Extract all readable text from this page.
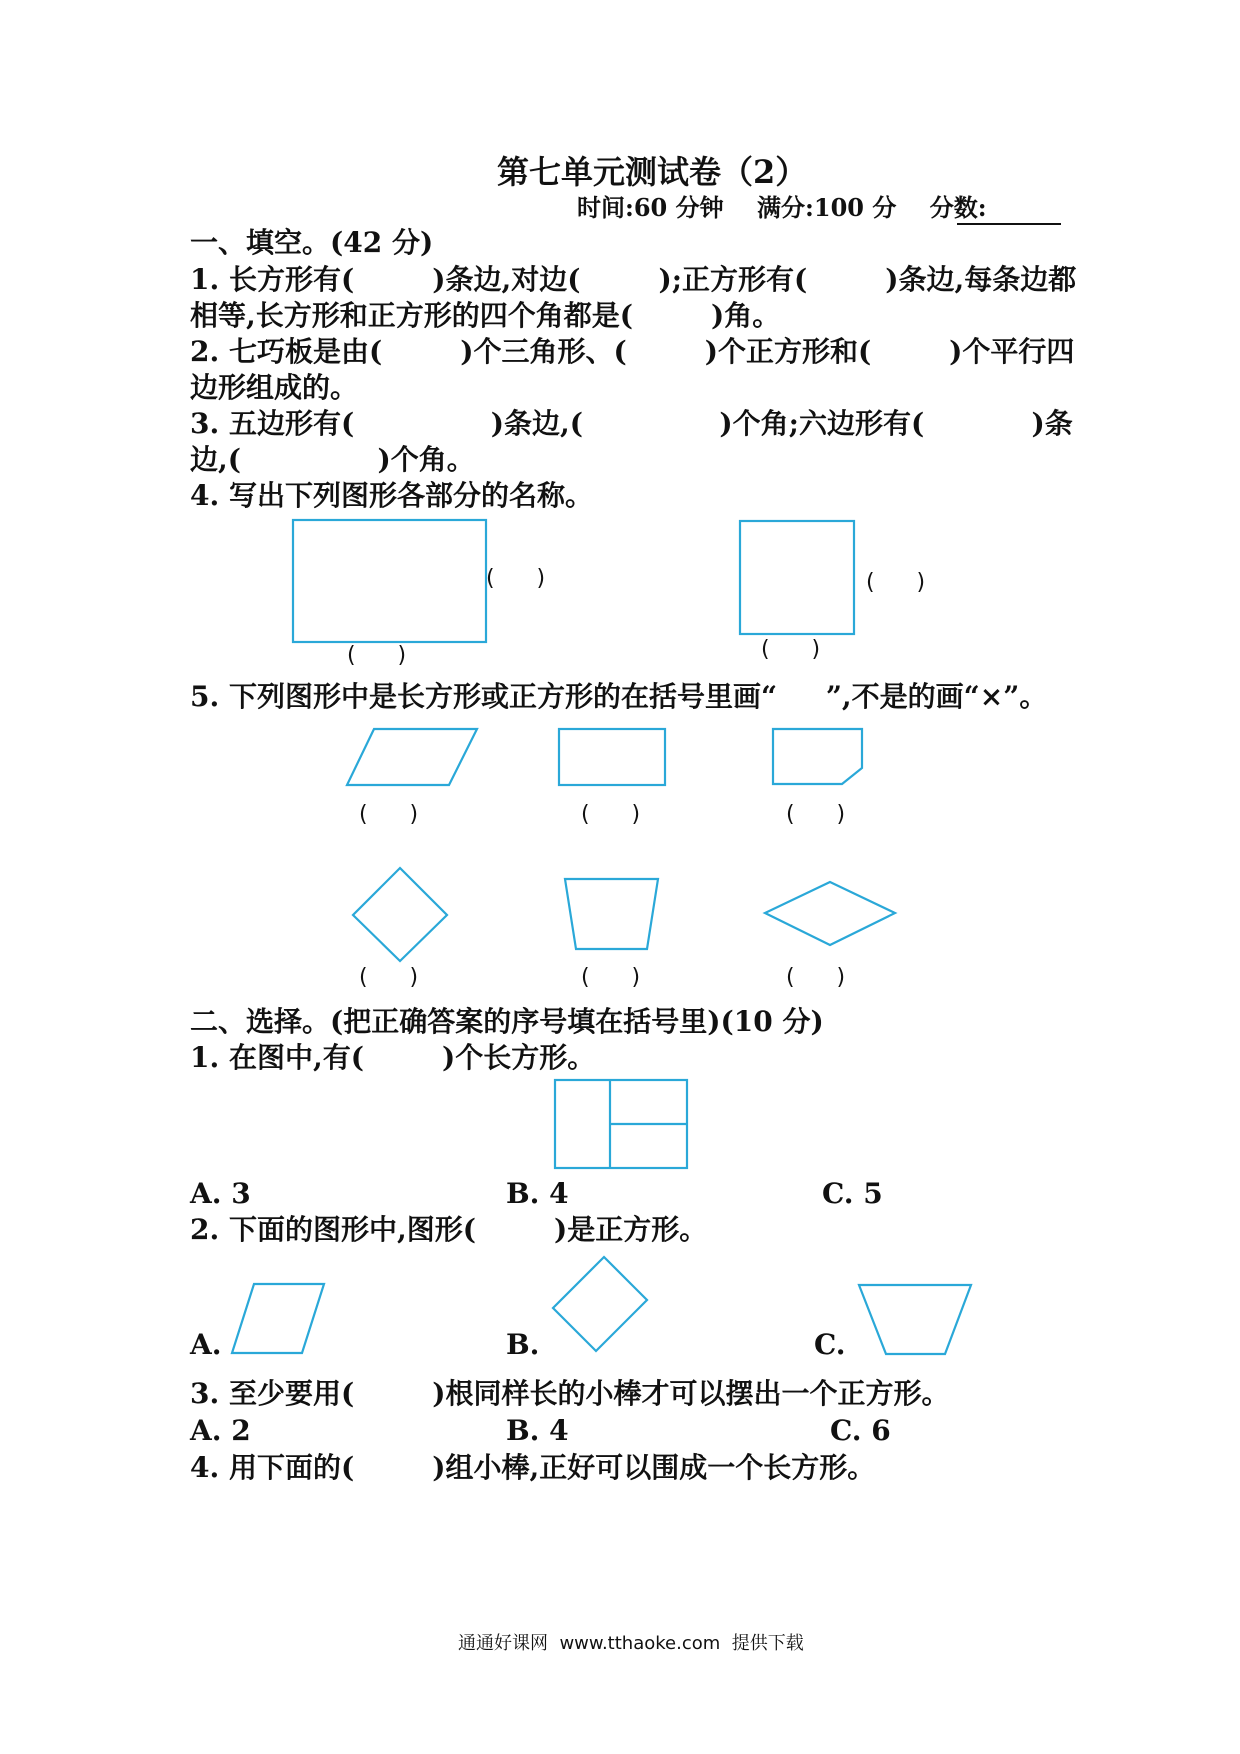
第七单元测试卷（2）
时间:60 分钟    满分:100 分    分数:
一、填空。(42 分)
1. 长方形有(        )条边,对边(        );正方形有(        )条边,每条边都
相等,长方形和正方形的四个角都是(        )角。
2. 七巧板是由(        )个三角形、(        )个正方形和(        )个平行四
边形组成的。
3. 五边形有(              )条边,(              )个角;六边形有(           )条
边,(              )个角。
4. 写出下列图形各部分的名称。
(      )
(      )
(      )
(      )
5. 下列图形中是长方形或正方形的在括号里画“     ”,不是的画“×”。
(      )	(      )	(      )
(      )	(      )	(      )
二、选择。(把正确答案的序号填在括号里)(10 分)
1. 在图中,有(        )个长方形。
A. 3	B. 4	C. 5
2. 下面的图形中,图形(        )是正方形。
A.	B.	C.
3. 至少要用(        )根同样长的小棒才可以摆出一个正方形。
A. 2	B. 4	C. 6
4. 用下面的(        )组小棒,正好可以围成一个长方形。
通通好课网  www.tthaoke.com  提供下载
